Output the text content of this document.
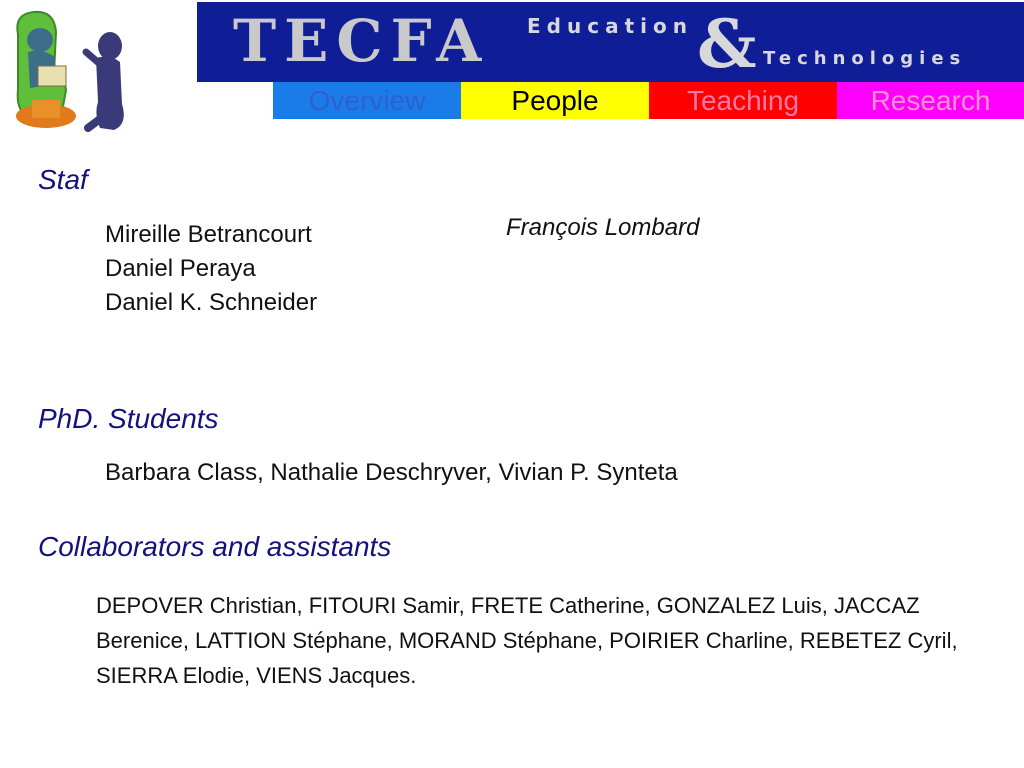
TECFA Education & Technologies
Overview	People	Teaching	Research
Staf
Mireille Betrancourt
Daniel Peraya
Daniel K. Schneider
François Lombard
PhD. Students
Barbara Class, Nathalie Deschryver, Vivian P. Synteta
Collaborators and assistants
DEPOVER Christian, FITOURI Samir, FRETE Catherine, GONZALEZ Luis, JACCAZ Berenice, LATTION Stéphane, MORAND Stéphane, POIRIER Charline, REBETEZ Cyril, SIERRA Elodie, VIENS Jacques.
